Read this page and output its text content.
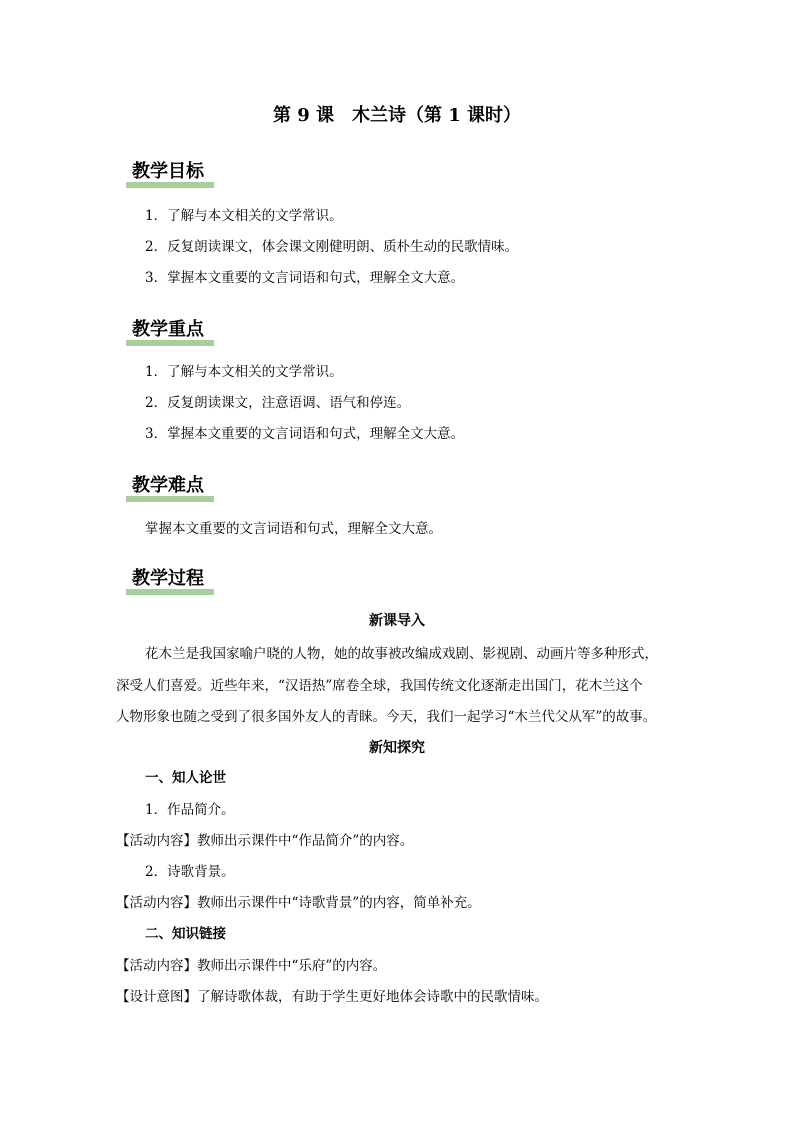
第 9 课　木兰诗（第 1 课时）
教学目标
1．了解与本文相关的文学常识。
2．反复朗读课文，体会课文刚健明朗、质朴生动的民歌情味。
3．掌握本文重要的文言词语和句式，理解全文大意。
教学重点
1．了解与本文相关的文学常识。
2．反复朗读课文，注意语调、语气和停连。
3．掌握本文重要的文言词语和句式，理解全文大意。
教学难点
掌握本文重要的文言词语和句式，理解全文大意。
教学过程
新课导入
花木兰是我国家喻户晓的人物，她的故事被改编成戏剧、影视剧、动画片等多种形式，
深受人们喜爱。近些年来，“汉语热”席卷全球，我国传统文化逐渐走出国门，花木兰这个
人物形象也随之受到了很多国外友人的青睐。今天，我们一起学习“木兰代父从军”的故事。
新知探究
一、知人论世
1．作品简介。
【活动内容】教师出示课件中“作品简介”的内容。
2．诗歌背景。
【活动内容】教师出示课件中“诗歌背景”的内容，简单补充。
二、知识链接
【活动内容】教师出示课件中“乐府”的内容。
【设计意图】了解诗歌体裁，有助于学生更好地体会诗歌中的民歌情味。
